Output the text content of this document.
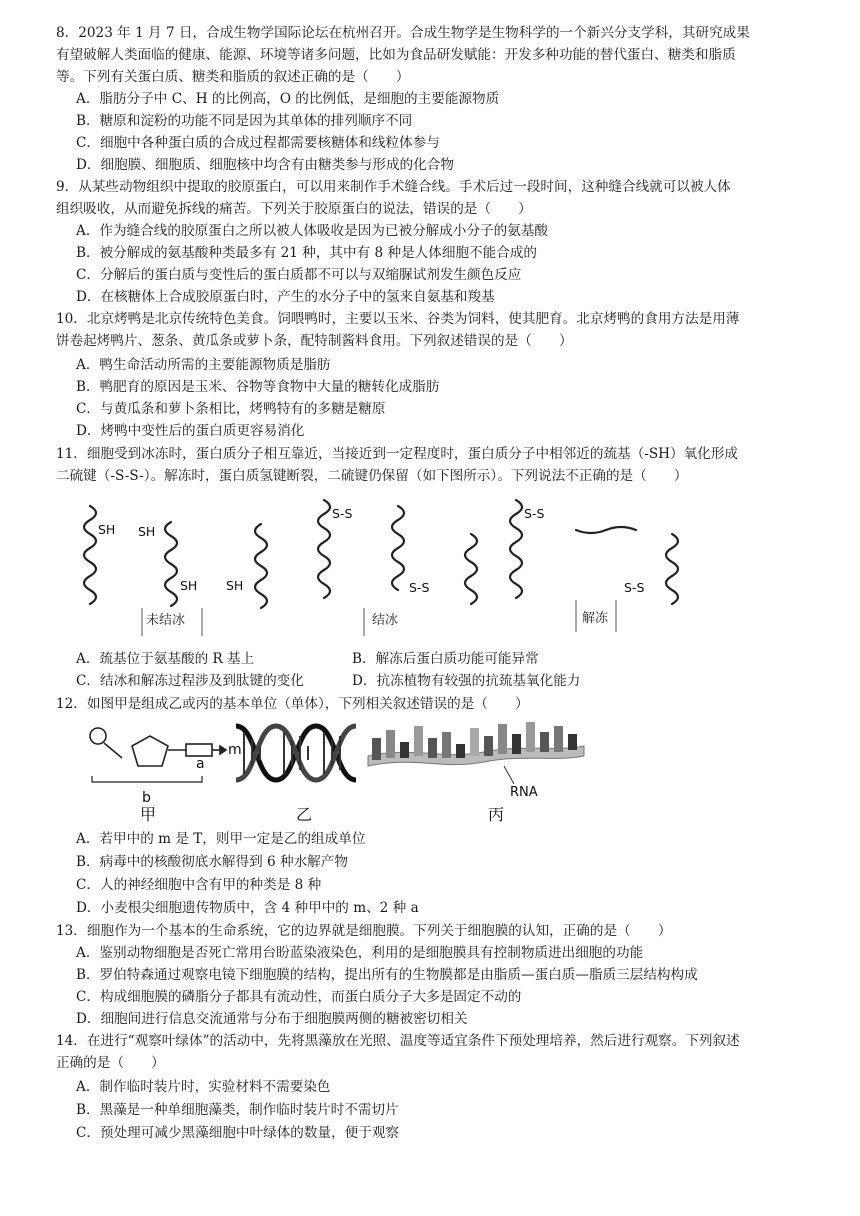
8．2023 年 1 月 7 日，合成生物学国际论坛在杭州召开。合成生物学是生物科学的一个新兴分支学科，其研究成果
有望破解人类面临的健康、能源、环境等诸多问题，比如为食品研发赋能：开发多种功能的替代蛋白、糖类和脂质
等。下列有关蛋白质、糖类和脂质的叙述正确的是（　　）
A．脂肪分子中 C、H 的比例高，O 的比例低，是细胞的主要能源物质
B．糖原和淀粉的功能不同是因为其单体的排列顺序不同
C．细胞中各种蛋白质的合成过程都需要核糖体和线粒体参与
D．细胞膜、细胞质、细胞核中均含有由糖类参与形成的化合物
9．从某些动物组织中提取的胶原蛋白，可以用来制作手术缝合线。手术后过一段时间，这种缝合线就可以被人体
组织吸收，从而避免拆线的痛苦。下列关于胶原蛋白的说法，错误的是（　　）
A．作为缝合线的胶原蛋白之所以被人体吸收是因为已被分解成小分子的氨基酸
B．被分解成的氨基酸种类最多有 21 种，其中有 8 种是人体细胞不能合成的
C．分解后的蛋白质与变性后的蛋白质都不可以与双缩脲试剂发生颜色反应
D．在核糖体上合成胶原蛋白时，产生的水分子中的氢来自氨基和羧基
10．北京烤鸭是北京传统特色美食。饲喂鸭时，主要以玉米、谷类为饲料，使其肥育。北京烤鸭的食用方法是用薄
饼卷起烤鸭片、葱条、黄瓜条或萝卜条，配特制酱料食用。下列叙述错误的是（　　）
A．鸭生命活动所需的主要能源物质是脂肪
B．鸭肥育的原因是玉米、谷物等食物中大量的糖转化成脂肪
C．与黄瓜条和萝卜条相比，烤鸭特有的多糖是糖原
D．烤鸭中变性后的蛋白质更容易消化
11．细胞受到冰冻时，蛋白质分子相互靠近，当接近到一定程度时，蛋白质分子中相邻近的巯基（-SH）氧化形成
二硫键（-S-S-）。解冻时，蛋白质氢键断裂，二硫键仍保留（如下图所示）。下列说法不正确的是（　　）
SH SH
SH SH
S-S
S-S
S-S
S-S
未结冰	结冰	解冻
A．巯基位于氨基酸的 R 基上	B．解冻后蛋白质功能可能异常
C．结冰和解冻过程涉及到肽键的变化	D．抗冻植物有较强的抗巯基氧化能力
12．如图甲是组成乙或丙的基本单位（单体），下列相关叙述错误的是（　　）
m
a
b
甲	乙	丙
RNA
A．若甲中的 m 是 T，则甲一定是乙的组成单位
B．病毒中的核酸彻底水解得到 6 种水解产物
C．人的神经细胞中含有甲的种类是 8 种
D．小麦根尖细胞遗传物质中，含 4 种甲中的 m、2 种 a
13．细胞作为一个基本的生命系统，它的边界就是细胞膜。下列关于细胞膜的认知，正确的是（　　）
A．鉴别动物细胞是否死亡常用台盼蓝染液染色，利用的是细胞膜具有控制物质进出细胞的功能
B．罗伯特森通过观察电镜下细胞膜的结构，提出所有的生物膜都是由脂质—蛋白质—脂质三层结构构成
C．构成细胞膜的磷脂分子都具有流动性，而蛋白质分子大多是固定不动的
D．细胞间进行信息交流通常与分布于细胞膜两侧的糖被密切相关
14．在进行“观察叶绿体”的活动中，先将黑藻放在光照、温度等适宜条件下预处理培养，然后进行观察。下列叙述
正确的是（　　）
A．制作临时装片时，实验材料不需要染色
B．黑藻是一种单细胞藻类，制作临时装片时不需切片
C．预处理可减少黑藻细胞中叶绿体的数量，便于观察
